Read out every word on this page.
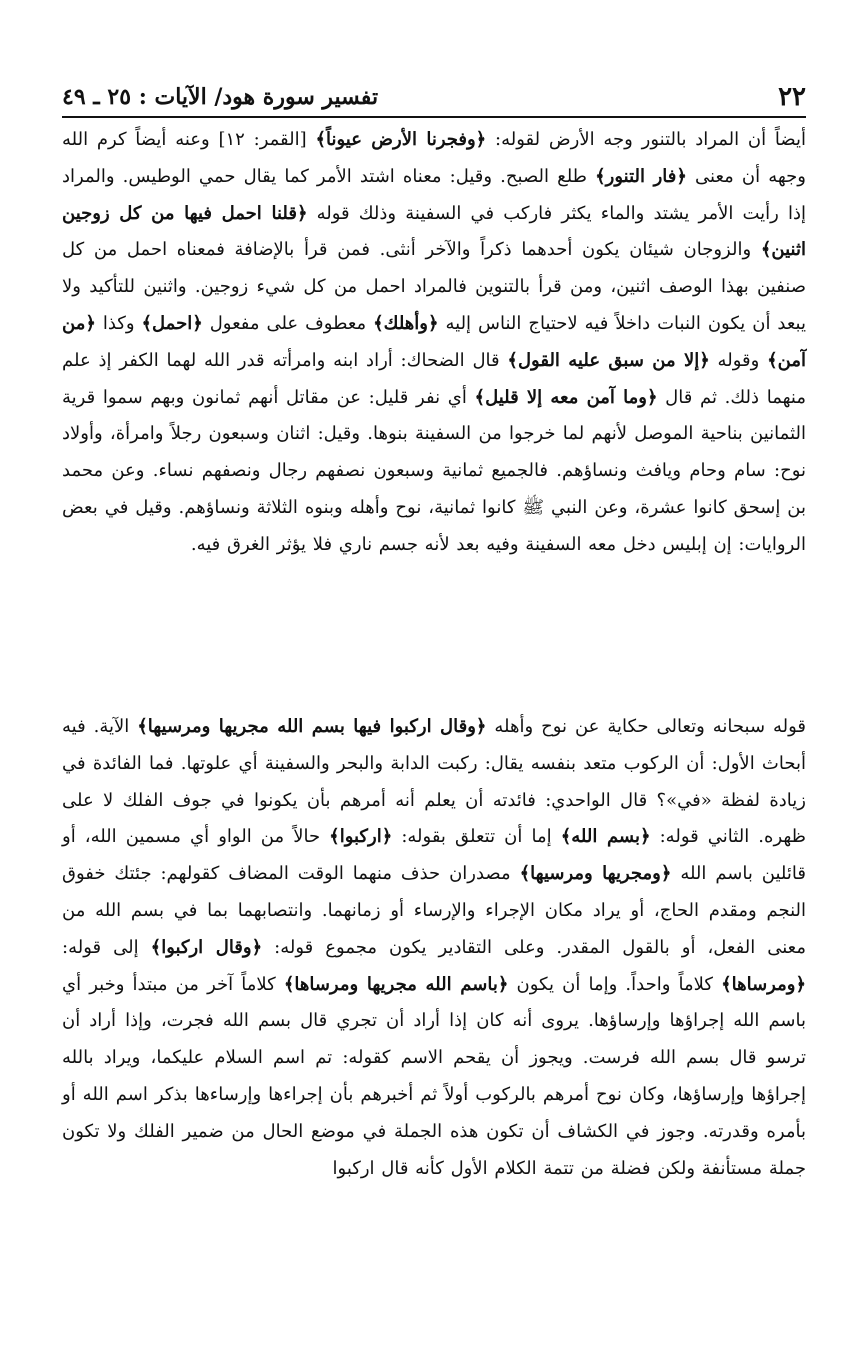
٢٢
تفسير سورة هود/ الآيات : ٢٥ ـ ٤٩

أيضاً أن المراد بالتنور وجه الأرض لقوله: ﴿وفجرنا الأرض عيوناً﴾ [القمر: ١٢] وعنه أيضاً كرم الله وجهه أن معنى ﴿فار التنور﴾ طلع الصبح. وقيل: معناه اشتد الأمر كما يقال حمي الوطيس. والمراد إذا رأيت الأمر يشتد والماء يكثر فاركب في السفينة وذلك قوله ﴿قلنا احمل فيها من كل زوجين اثنين﴾ والزوجان شيئان يكون أحدهما ذكراً والآخر أنثى. فمن قرأ بالإضافة فمعناه احمل من كل صنفين بهذا الوصف اثنين، ومن قرأ بالتنوين فالمراد احمل من كل شيء زوجين. واثنين للتأكيد ولا يبعد أن يكون النبات داخلاً فيه لاحتياج الناس إليه ﴿وأهلك﴾ معطوف على مفعول ﴿احمل﴾ وكذا ﴿من آمن﴾ وقوله ﴿إلا من سبق عليه القول﴾ قال الضحاك: أراد ابنه وامرأته قدر الله لهما الكفر إذ علم منهما ذلك. ثم قال ﴿وما آمن معه إلا قليل﴾ أي نفر قليل: عن مقاتل أنهم ثمانون وبهم سموا قرية الثمانين بناحية الموصل لأنهم لما خرجوا من السفينة بنوها. وقيل: اثنان وسبعون رجلاً وامرأة، وأولاد نوح: سام وحام ويافث ونساؤهم. فالجميع ثمانية وسبعون نصفهم رجال ونصفهم نساء. وعن محمد بن إسحق كانوا عشرة، وعن النبي ﷺ كانوا ثمانية، نوح وأهله وبنوه الثلاثة ونساؤهم. وقيل في بعض الروايات: إن إبليس دخل معه السفينة وفيه بعد لأنه جسم ناري فلا يؤثر الغرق فيه.

قوله سبحانه وتعالى حكاية عن نوح وأهله ﴿وقال اركبوا فيها بسم الله مجريها ومرسيها﴾ الآية. فيه أبحاث الأول: أن الركوب متعد بنفسه يقال: ركبت الدابة والبحر والسفينة أي علوتها. فما الفائدة في زيادة لفظة «في»؟ قال الواحدي: فائدته أن يعلم أنه أمرهم بأن يكونوا في جوف الفلك لا على ظهره. الثاني قوله: ﴿بسم الله﴾ إما أن تتعلق بقوله: ﴿اركبوا﴾ حالاً من الواو أي مسمين الله، أو قائلين باسم الله ﴿ومجريها ومرسيها﴾ مصدران حذف منهما الوقت المضاف كقولهم: جئتك خفوق النجم ومقدم الحاج، أو يراد مكان الإجراء والإرساء أو زمانهما. وانتصابهما بما في بسم الله من معنى الفعل، أو بالقول المقدر. وعلى التقادير يكون مجموع قوله: ﴿وقال اركبوا﴾ إلى قوله: ﴿ومرساها﴾ كلاماً واحداً. وإما أن يكون ﴿باسم الله مجريها ومرساها﴾ كلاماً آخر من مبتدأ وخبر أي باسم الله إجراؤها وإرساؤها. يروى أنه كان إذا أراد أن تجري قال بسم الله فجرت، وإذا أراد أن ترسو قال بسم الله فرست. ويجوز أن يقحم الاسم كقوله: تم اسم السلام عليكما، ويراد بالله إجراؤها وإرساؤها، وكان نوح أمرهم بالركوب أولاً ثم أخبرهم بأن إجراءها وإرساءها بذكر اسم الله أو بأمره وقدرته. وجوز في الكشاف أن تكون هذه الجملة في موضع الحال من ضمير الفلك ولا تكون جملة مستأنفة ولكن فضلة من تتمة الكلام الأول كأنه قال اركبوا
